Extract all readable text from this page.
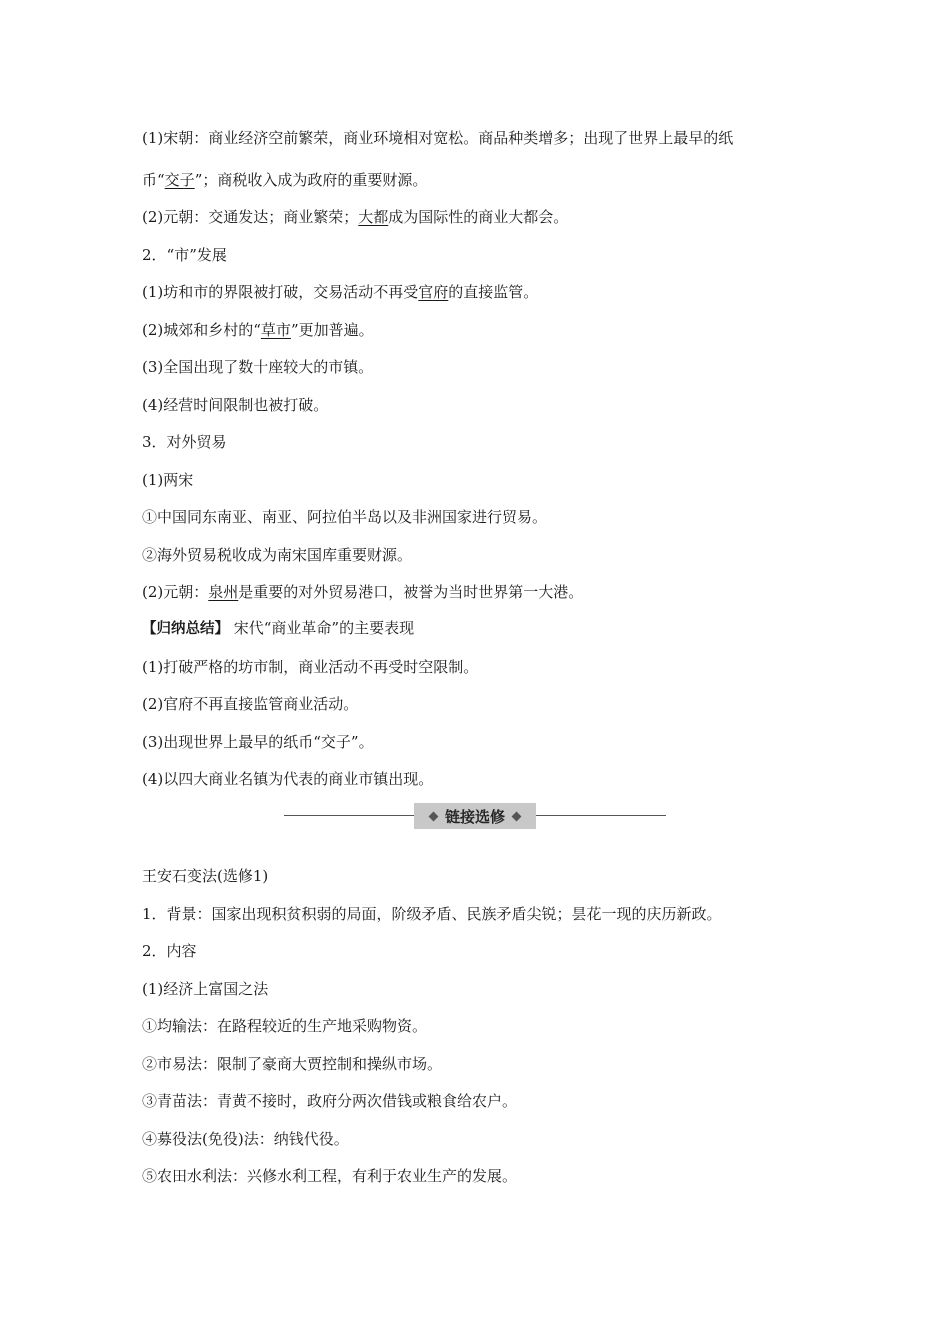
(1)宋朝：商业经济空前繁荣，商业环境相对宽松。商品种类增多；出现了世界上最早的纸
币“交子”；商税收入成为政府的重要财源。
(2)元朝：交通发达；商业繁荣；大都成为国际性的商业大都会。
2．“市”发展
(1)坊和市的界限被打破，交易活动不再受官府的直接监管。
(2)城郊和乡村的“草市”更加普遍。
(3)全国出现了数十座较大的市镇。
(4)经营时间限制也被打破。
3．对外贸易
(1)两宋
①中国同东南亚、南亚、阿拉伯半岛以及非洲国家进行贸易。
②海外贸易税收成为南宋国库重要财源。
(2)元朝：泉州是重要的对外贸易港口，被誉为当时世界第一大港。
【归纳总结】 宋代“商业革命”的主要表现
(1)打破严格的坊市制，商业活动不再受时空限制。
(2)官府不再直接监管商业活动。
(3)出现世界上最早的纸币“交子”。
(4)以四大商业名镇为代表的商业市镇出现。
链接选修
王安石变法(选修1)
1．背景：国家出现积贫积弱的局面，阶级矛盾、民族矛盾尖锐；昙花一现的庆历新政。
2．内容
(1)经济上富国之法
①均输法：在路程较近的生产地采购物资。
②市易法：限制了豪商大贾控制和操纵市场。
③青苗法：青黄不接时，政府分两次借钱或粮食给农户。
④募役法(免役)法：纳钱代役。
⑤农田水利法：兴修水利工程，有利于农业生产的发展。
